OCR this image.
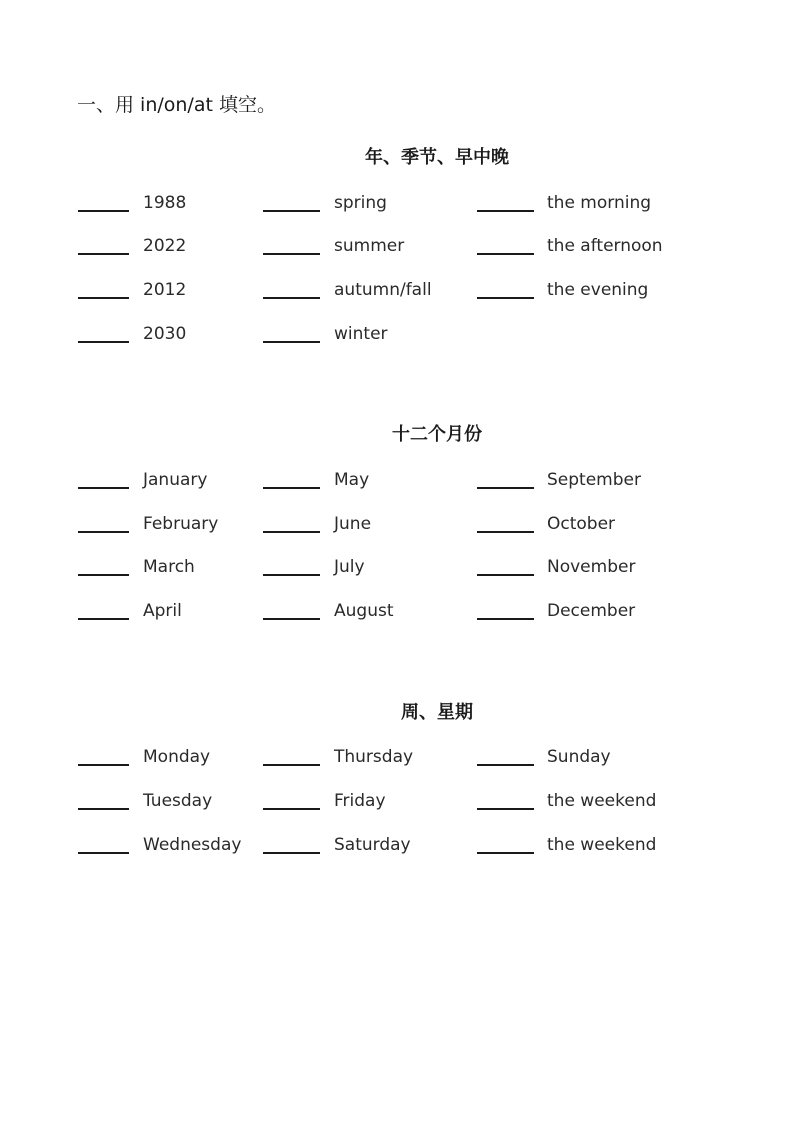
一、用 in/on/at 填空。
年、季节、早中晚
1988	spring	the morning
2022	summer	the afternoon
2012	autumn/fall	the evening
2030	winter
十二个月份
January	May	September
February	June	October
March	July	November
April	August	December
周、星期
Monday	Thursday	Sunday
Tuesday	Friday	the weekend
Wednesday	Saturday	the weekend
